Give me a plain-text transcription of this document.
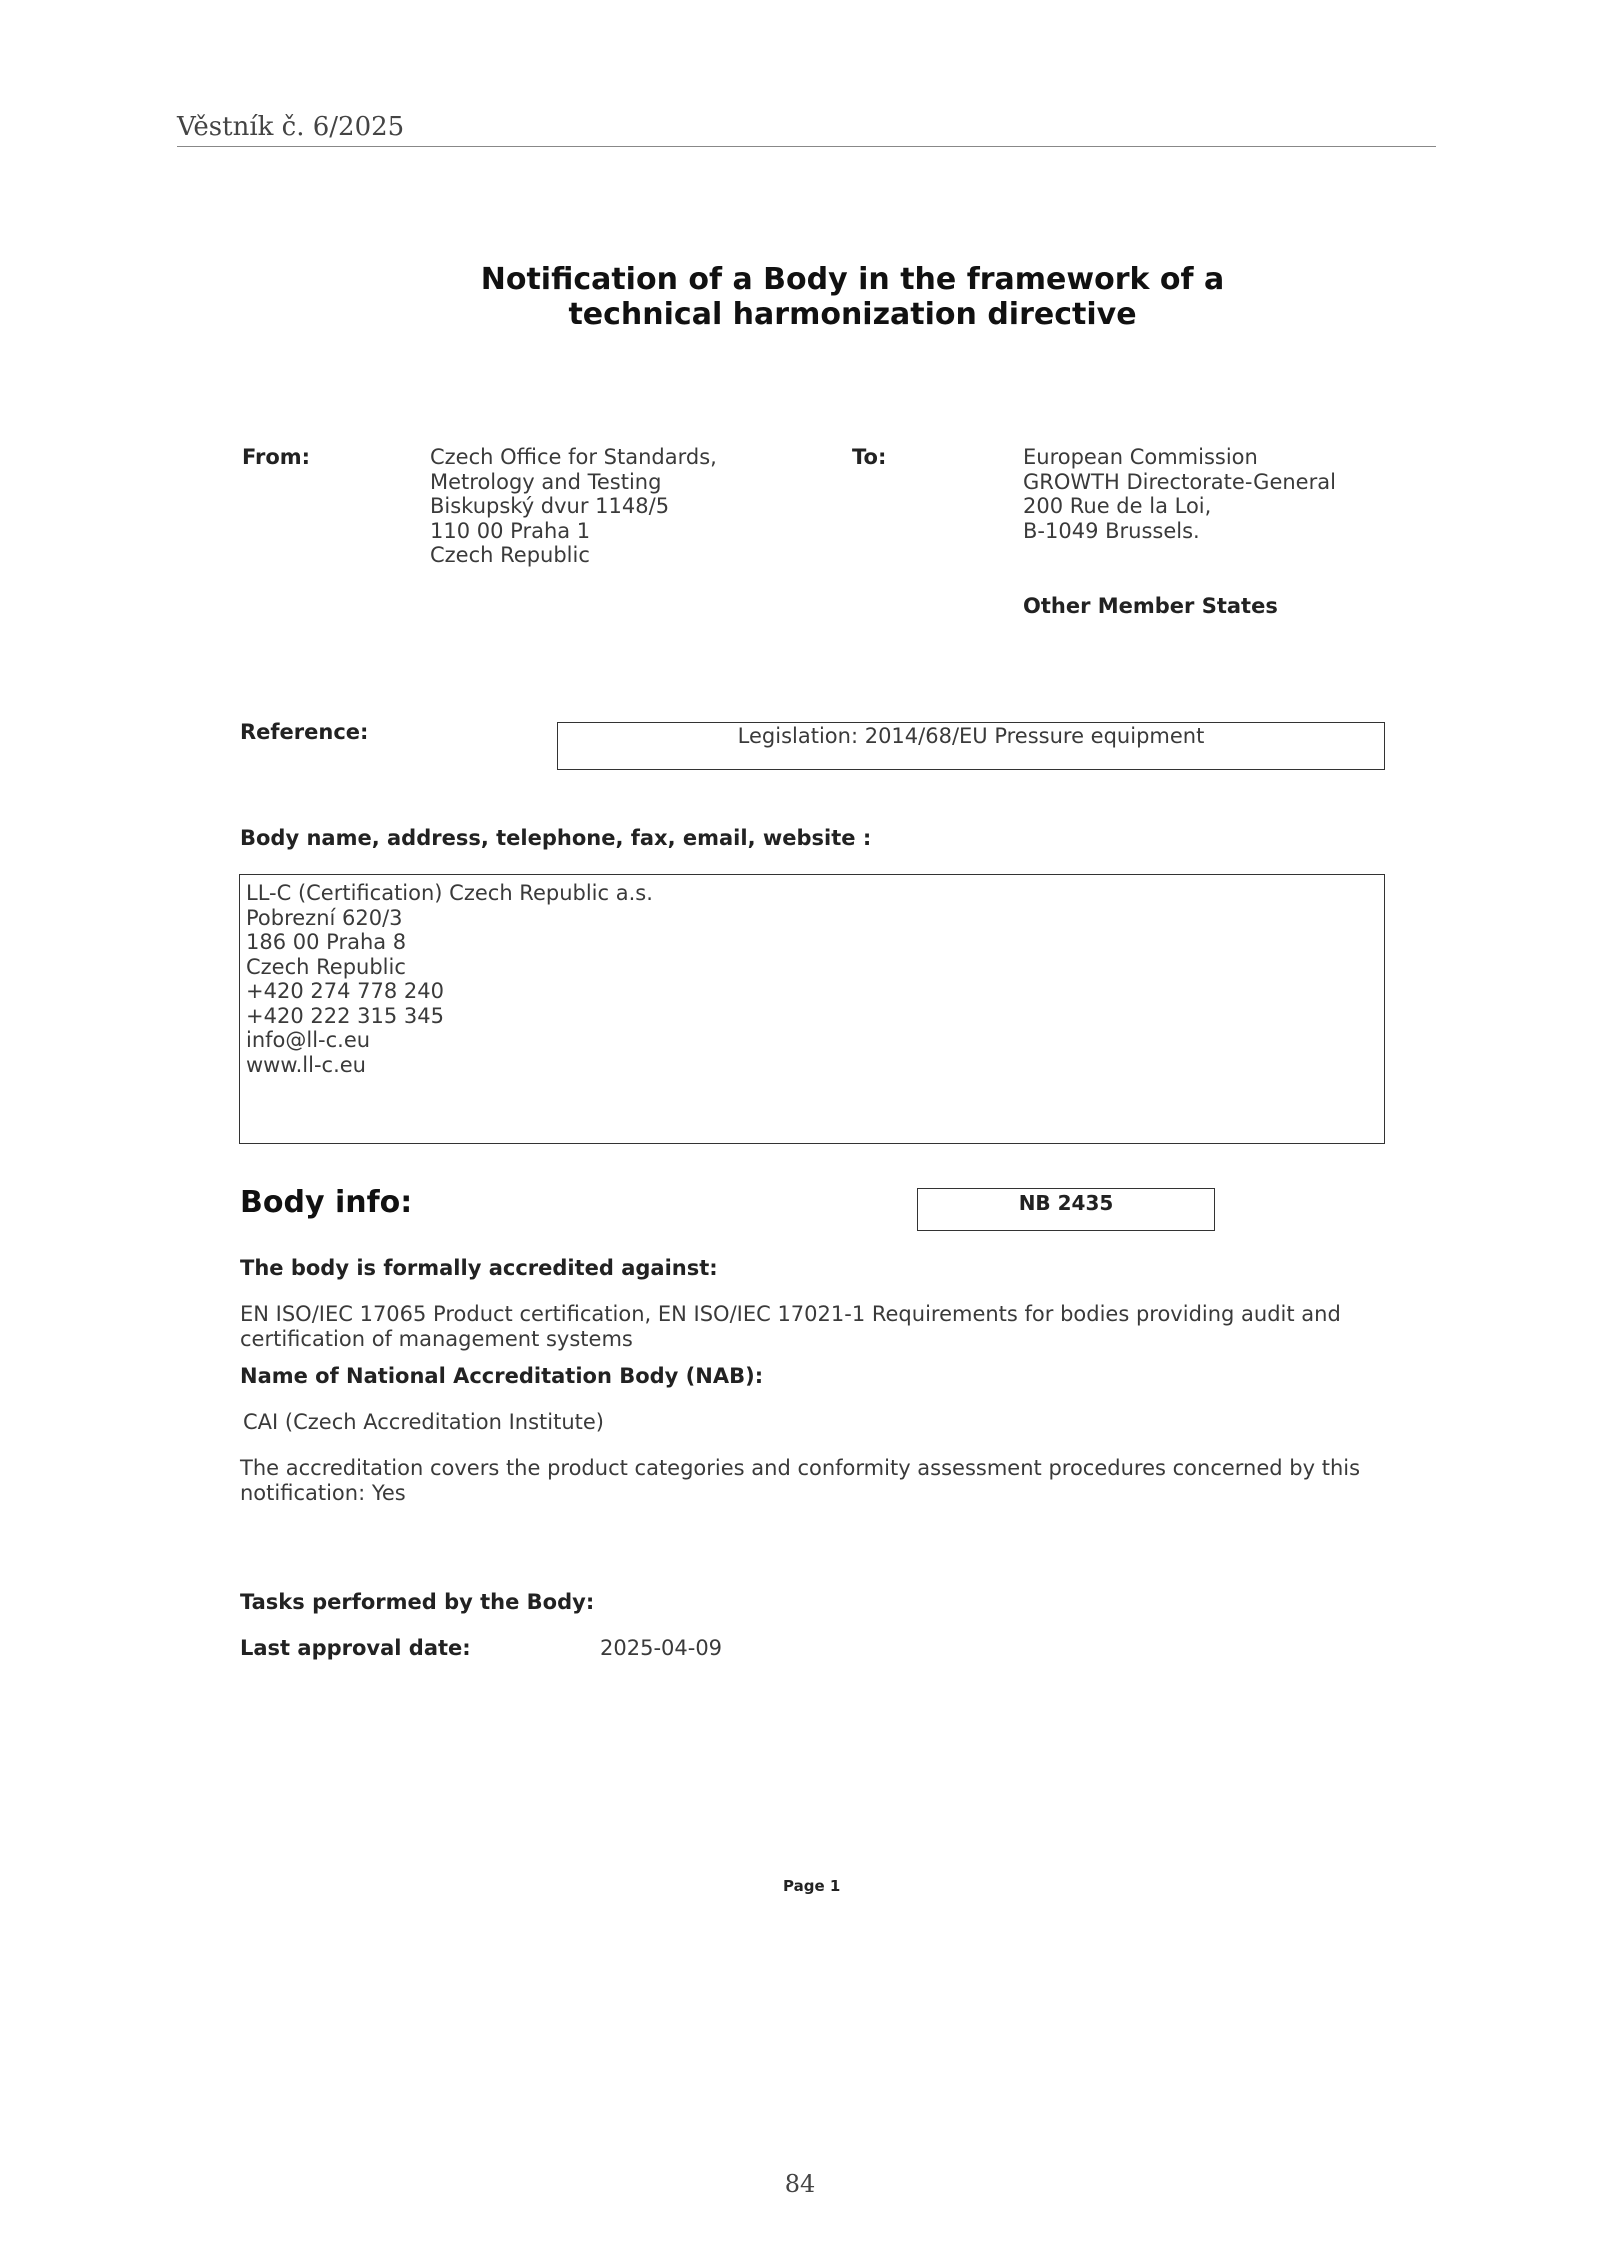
Věstník č. 6/2025
Notification of a Body in the framework of a
technical harmonization directive
From:	Czech Office for Standards,
Metrology and Testing
Biskupský dvur 1148/5
110 00 Praha 1
Czech Republic
To:	European Commission
GROWTH Directorate-General
200 Rue de la Loi,
B-1049 Brussels.
Other Member States
Reference:	Legislation: 2014/68/EU Pressure equipment
Body name, address, telephone, fax, email, website :
LL-C (Certification) Czech Republic a.s.
Pobrezní 620/3
186 00 Praha 8
Czech Republic
+420 274 778 240
+420 222 315 345
info@ll-c.eu
www.ll-c.eu
Body info:	NB 2435
The body is formally accredited against:
EN ISO/IEC 17065 Product certification, EN ISO/IEC 17021-1 Requirements for bodies providing audit and
certification of management systems
Name of National Accreditation Body (NAB):
CAI (Czech Accreditation Institute)
The accreditation covers the product categories and conformity assessment procedures concerned by this
notification: Yes
Tasks performed by the Body:
Last approval date:	2025-04-09
Page 1
84
